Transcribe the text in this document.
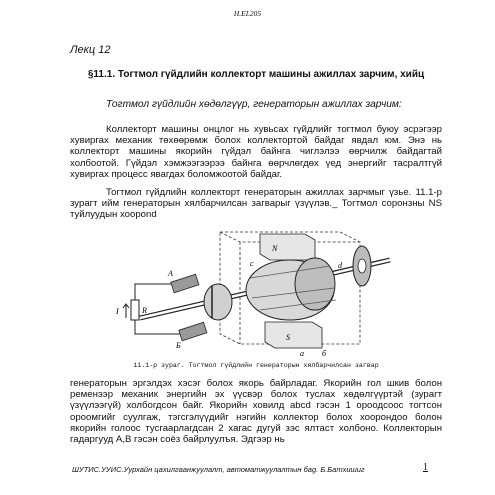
H.EL205
Лекц 12
§11.1. Тогтмол гүйдлийн коллекторт машины ажиллах зарчим, хийц
Тогтмол гүйдлийн хөдөлгүүр, генераторын ажиллах зарчим:
Коллекторт машины онцлог нь хувьсах гүйдлийг тогтмол буюу эсрэгээр хувиргах механик төхөөрөмж болох коллектортой байдаг явдал юм. Энэ нь коллекторт машины якорийн гүйдэл байнга чиглэлээ өөрчилж байдагтай холбоотой. Гүйдэл хэмжээгээрээ байнга өөрчлөгдөх үед энергийг тасралтгүй хувиргах процесс явагдах боломжоотой байдаг.
Тогтмол гүйдлийн коллекторт генераторын ажиллах зарчмыг үзье. 11.1-р зурагт ийм генераторын хялбарчилсан загварыг үзүүлэв._ Тогтмол соронзны NS туйлуудын хоорond
N
S
A
Б
R
I
c	d
а б
11.1-р зураг. Тогтмол гүйдлийн генераторын хялбарчилсан загвар
генераторын эргэлдэх хэсэг болох якорь байрладаг. Якорийн гол шкив болон ременээр механик энергийн эх үүсвэр болох туслах хөдөлгүүртэй (зурагт үзүүлээгүй) холбогдсон байг. Якорийн ховилд abcd гэсэн 1 ороодсоос тогтсон ороомгийг суулгаж, тэгсгэлүүдийг нэгийн коллектор болох хоорондоо болон якорийн голоос тусгаарлагдсан 2 хагас дугуй зэс ялтаст холбоно. Коллекторын гадаргууд A,B гэсэн соёз байрлуулъя. Эдгээр нь
ШУТИС.УУИС.Уурхайн цахилгаанжуулалт, автоматжуулалтын бag. Б.Батхишиг	1
